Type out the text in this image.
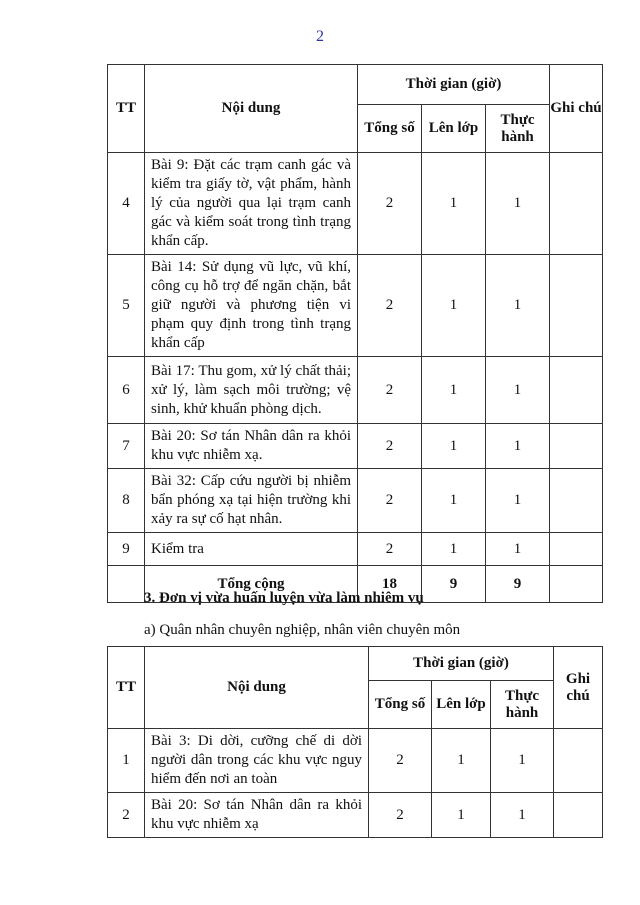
2
TT	Nội dung	Thời gian (giờ)			Ghi chú
		Tổng số	Lên lớp	Thực hành	
4	Bài 9: Đặt các trạm canh gác và kiểm tra giấy tờ, vật phẩm, hành lý của người qua lại trạm canh gác và kiểm soát trong tình trạng khẩn cấp.	2	1	1	
5	Bài 14: Sử dụng vũ lực, vũ khí, công cụ hỗ trợ để ngăn chặn, bắt giữ người và phương tiện vi phạm quy định trong tình trạng khẩn cấp	2	1	1	
6	Bài 17: Thu gom, xử lý chất thải; xử lý, làm sạch môi trường; vệ sinh, khử khuẩn phòng dịch.	2	1	1	
7	Bài 20: Sơ tán Nhân dân ra khỏi khu vực nhiễm xạ.	2	1	1	
8	Bài 32: Cấp cứu người bị nhiễm bẩn phóng xạ tại hiện trường khi xảy ra sự cố hạt nhân.	2	1	1	
9	Kiểm tra	2	1	1	
	Tổng cộng	18	9	9	
3. Đơn vị vừa huấn luyện vừa làm nhiêm vụ
a) Quân nhân chuyên nghiệp, nhân viên chuyên môn
TT	Nội dung	Thời gian (giờ)			Ghi chú
		Tổng số	Lên lớp	Thực hành	
1	Bài 3: Di dời, cưỡng chế di dời người dân trong các khu vực nguy hiểm đến nơi an toàn	2	1	1	
2	Bài 20: Sơ tán Nhân dân ra khỏi khu vực nhiễm xạ	2	1	1	
